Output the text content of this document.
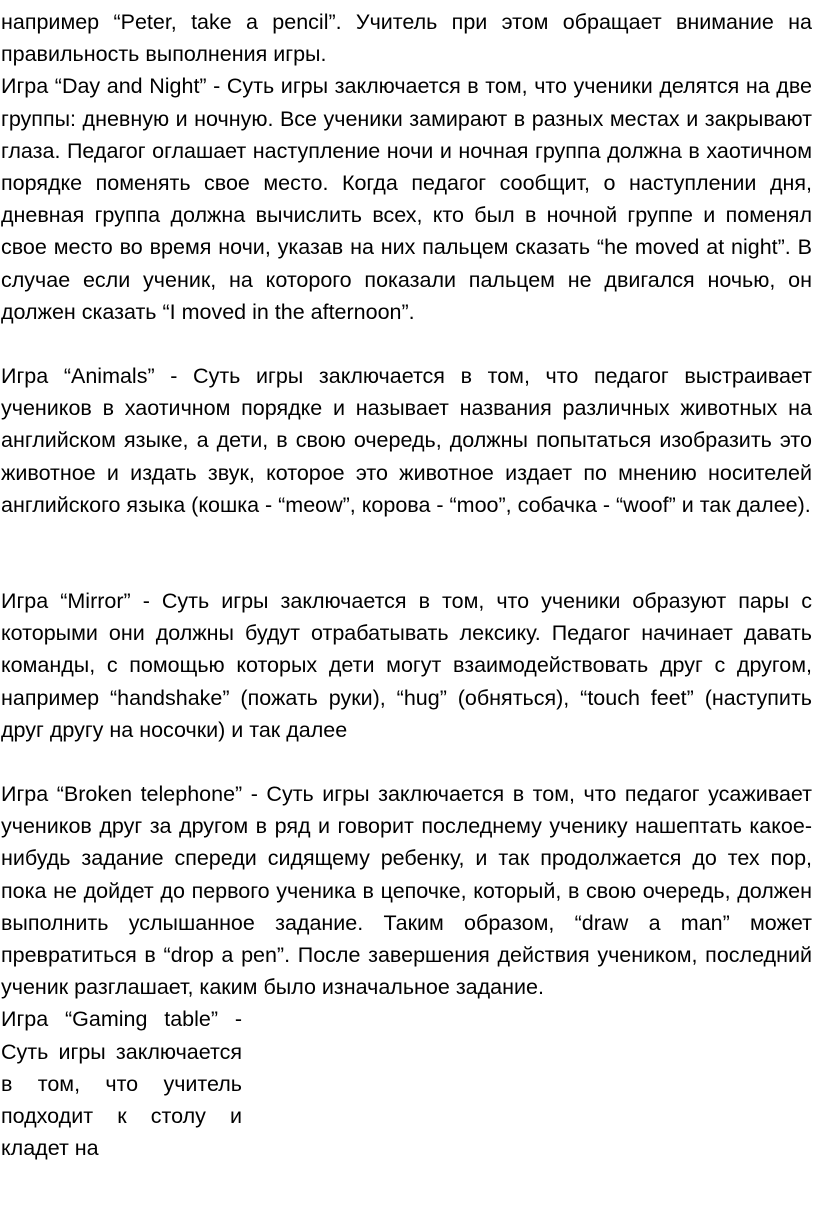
например “Peter, take a pencil”. Учитель при этом обращает внимание на правильность выполнения игры.

Игра “Day and Night” - Суть игры заключается в том, что ученики делятся на две группы: дневную и ночную. Все ученики замирают в разных местах и закрывают глаза. Педагог оглашает наступление ночи и ночная группа должна в хаотичном порядке поменять свое место. Когда педагог сообщит, о наступлении дня, дневная группа должна вычислить всех, кто был в ночной группе и поменял свое место во время ночи, указав на них пальцем сказать “he moved at night”. В случае если ученик, на которого показали пальцем не двигался ночью, он должен сказать “I moved in the afternoon”.

Игра “Animals” - Суть игры заключается в том, что педагог выстраивает учеников в хаотичном порядке и называет названия различных животных на английском языке, а дети, в свою очередь, должны попытаться изобразить это животное и издать звук, которое это животное издает по мнению носителей английского языка (кошка - “meow”, корова - “moo”, собачка - “woof” и так далее).

Игра “Mirror” - Суть игры заключается в том, что ученики образуют пары с которыми они должны будут отрабатывать лексику. Педагог начинает давать команды, с помощью которых дети могут взаимодействовать друг с другом, например “handshake” (пожать руки), “hug” (обняться), “touch feet” (наступить друг другу на носочки) и так далее

Игра “Broken telephone” - Суть игры заключается в том, что педагог усаживает учеников друг за другом в ряд и говорит последнему ученику нашептать какое-нибудь задание спереди сидящему ребенку, и так продолжается до тех пор, пока не дойдет до первого ученика в цепочке, который, в свою очередь, должен выполнить услышанное задание. Таким образом, “draw a man” может превратиться в “drop a pen”. После завершения действия учеником, последний ученик разглашает, каким было изначальное задание.

Игра “Gaming table” - Суть игры заключается в том, что учитель подходит к столу и кладет на
